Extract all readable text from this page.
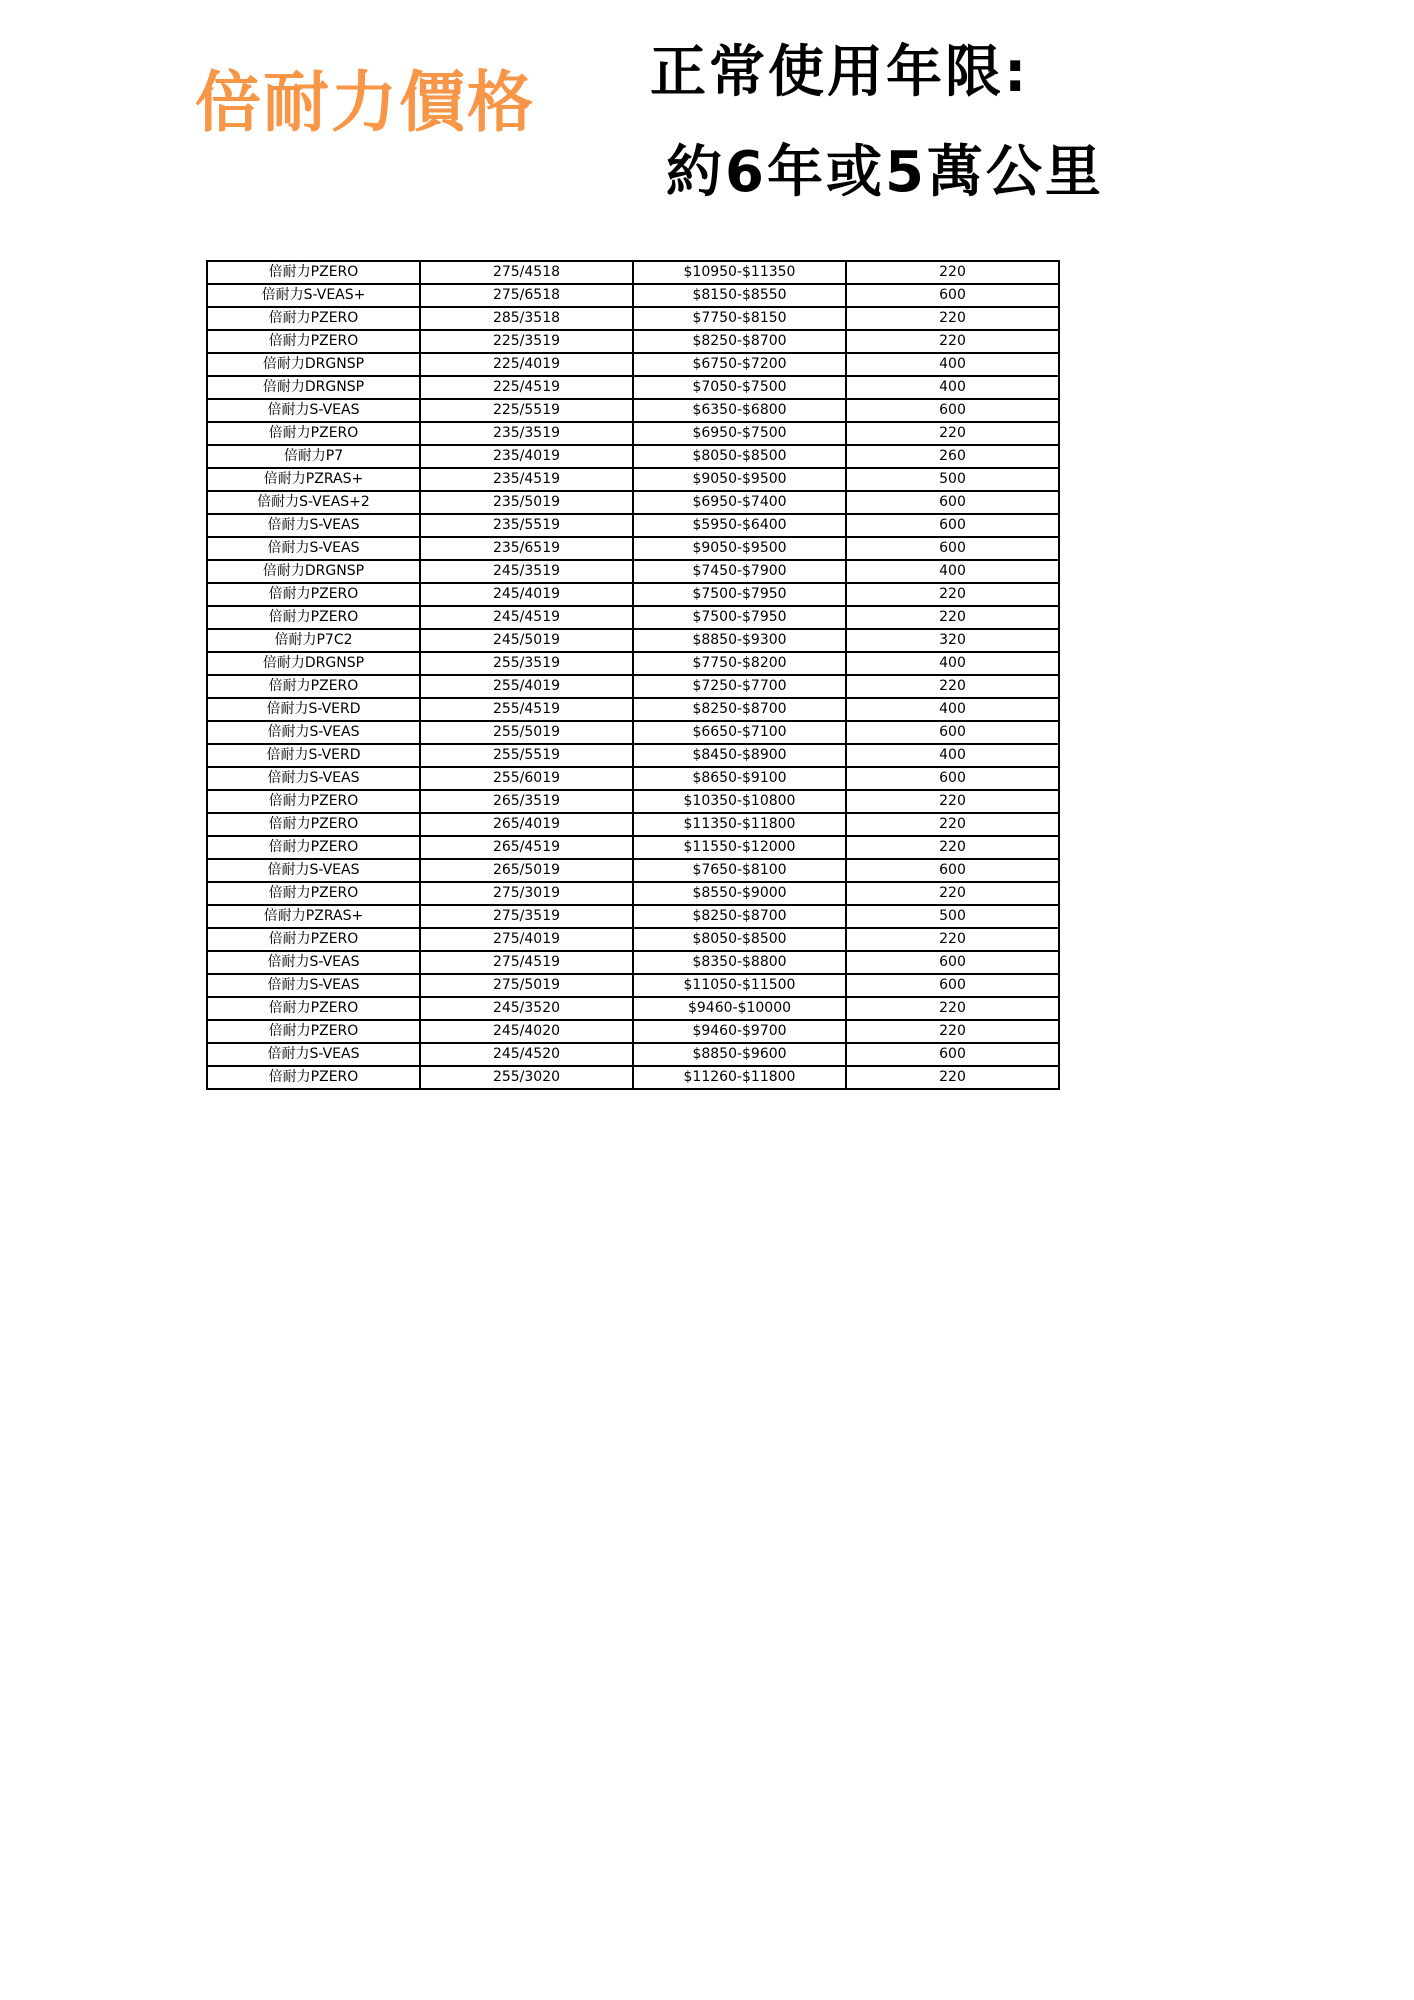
倍耐力價格 正常使用年限:
約6年或5萬公里
倍耐力PZERO	275/4518	$10950-$11350	220
倍耐力S-VEAS+	275/6518	$8150-$8550	600
倍耐力PZERO	285/3518	$7750-$8150	220
倍耐力PZERO	225/3519	$8250-$8700	220
倍耐力DRGNSP	225/4019	$6750-$7200	400
倍耐力DRGNSP	225/4519	$7050-$7500	400
倍耐力S-VEAS	225/5519	$6350-$6800	600
倍耐力PZERO	235/3519	$6950-$7500	220
倍耐力P7	235/4019	$8050-$8500	260
倍耐力PZRAS+	235/4519	$9050-$9500	500
倍耐力S-VEAS+2	235/5019	$6950-$7400	600
倍耐力S-VEAS	235/5519	$5950-$6400	600
倍耐力S-VEAS	235/6519	$9050-$9500	600
倍耐力DRGNSP	245/3519	$7450-$7900	400
倍耐力PZERO	245/4019	$7500-$7950	220
倍耐力PZERO	245/4519	$7500-$7950	220
倍耐力P7C2	245/5019	$8850-$9300	320
倍耐力DRGNSP	255/3519	$7750-$8200	400
倍耐力PZERO	255/4019	$7250-$7700	220
倍耐力S-VERD	255/4519	$8250-$8700	400
倍耐力S-VEAS	255/5019	$6650-$7100	600
倍耐力S-VERD	255/5519	$8450-$8900	400
倍耐力S-VEAS	255/6019	$8650-$9100	600
倍耐力PZERO	265/3519	$10350-$10800	220
倍耐力PZERO	265/4019	$11350-$11800	220
倍耐力PZERO	265/4519	$11550-$12000	220
倍耐力S-VEAS	265/5019	$7650-$8100	600
倍耐力PZERO	275/3019	$8550-$9000	220
倍耐力PZRAS+	275/3519	$8250-$8700	500
倍耐力PZERO	275/4019	$8050-$8500	220
倍耐力S-VEAS	275/4519	$8350-$8800	600
倍耐力S-VEAS	275/5019	$11050-$11500	600
倍耐力PZERO	245/3520	$9460-$10000	220
倍耐力PZERO	245/4020	$9460-$9700	220
倍耐力S-VEAS	245/4520	$8850-$9600	600
倍耐力PZERO	255/3020	$11260-$11800	220
